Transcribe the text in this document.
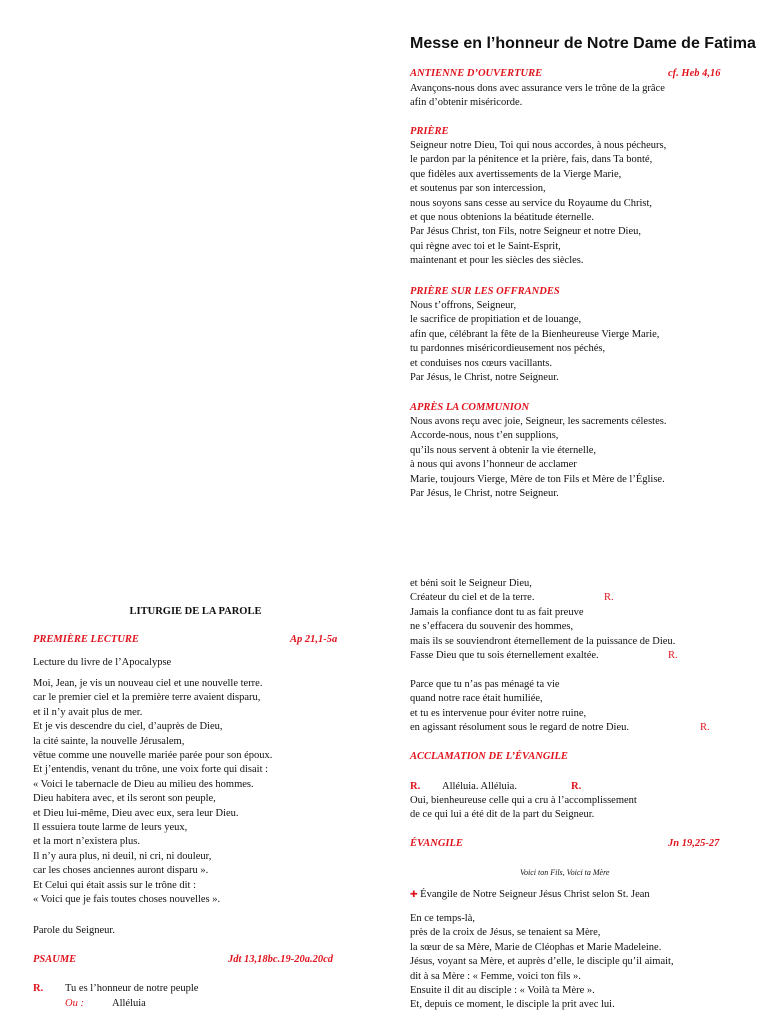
Messe en l’honneur de Notre Dame de Fatima
ANTIENNE D’OUVERTURE	cf. Heb 4,16
Avançons-nous dons avec assurance vers le trône de la grâce
afin d’obtenir miséricorde.
PRIÈRE
Seigneur notre Dieu, Toi qui nous accordes, à nous pécheurs,
le pardon par la pénitence et la prière, fais, dans Ta bonté,
que fidèles aux avertissements de la Vierge Marie,
et soutenus par son intercession,
nous soyons sans cesse au service du Royaume du Christ,
et que nous obtenions la béatitude éternelle.
Par Jésus Christ, ton Fils, notre Seigneur et notre Dieu,
qui règne avec toi et le Saint-Esprit,
maintenant et pour les siècles des siècles.
PRIÈRE SUR LES OFFRANDES
Nous t’offrons, Seigneur,
le sacrifice de propitiation et de louange,
afin que, célébrant la fête de la Bienheureuse Vierge Marie,
tu pardonnes miséricordieusement nos péchés,
et conduises nos cœurs vacillants.
Par Jésus, le Christ, notre Seigneur.
APRÈS LA COMMUNION
Nous avons reçu avec joie, Seigneur, les sacrements célestes.
Accorde-nous, nous t’en supplions,
qu’ils nous servent à obtenir la vie éternelle,
à nous qui avons l’honneur de acclamer
Marie, toujours Vierge, Mère de ton Fils et Mère de l’Église.
Par Jésus, le Christ, notre Seigneur.
LITURGIE DE LA PAROLE
PREMIÈRE LECTURE	Ap 21,1-5a
Lecture du livre de l’Apocalypse
Moi, Jean, je vis un nouveau ciel et une nouvelle terre.
car le premier ciel et la première terre avaient disparu,
et il n’y avait plus de mer.
Et je vis descendre du ciel, d’auprès de Dieu,
la cité sainte, la nouvelle Jérusalem,
vêtue comme une nouvelle mariée parée pour son époux.
Et j’entendis, venant du trône, une voix forte qui disait :
« Voici le tabernacle de Dieu au milieu des hommes.
Dieu habitera avec, et ils seront son peuple,
et Dieu lui-même, Dieu avec eux, sera leur Dieu.
Il essuiera toute larme de leurs yeux,
et la mort n’existera plus.
Il n’y aura plus, ni deuil, ni cri, ni douleur,
car les choses anciennes auront disparu ».
Et Celui qui était assis sur le trône dit :
« Voici que je fais toutes choses nouvelles ».
Parole du Seigneur.
PSAUME	Jdt 13,18bc.19-20a.20cd
R. Tu es l’honneur de notre peuple
Ou :	Alléluia
et béni soit le Seigneur Dieu,
Créateur du ciel et de la terre.	R.
Jamais la confiance dont tu as fait preuve
ne s’effacera du souvenir des hommes,
mais ils se souviendront éternellement de la puissance de Dieu.
Fasse Dieu que tu sois éternellement exaltée.	R.
Parce que tu n’as pas ménagé ta vie
quand notre race était humiliée,
et tu es intervenue pour éviter notre ruine,
en agissant résolument sous le regard de notre Dieu.	R.
ACCLAMATION DE L’ÉVANGILE
R. Alléluia. Alléluia.	R.
Oui, bienheureuse celle qui a cru à l’accomplissement
de ce qui lui a été dit de la part du Seigneur.
ÉVANGILE	Jn 19,25-27
Voici ton Fils, Voici ta Mère
✚ Évangile de Notre Seigneur Jésus Christ selon St. Jean
En ce temps-là,
près de la croix de Jésus, se tenaient sa Mère,
la sœur de sa Mère, Marie de Cléophas et Marie Madeleine.
Jésus, voyant sa Mère, et auprès d’elle, le disciple qu’il aimait,
dit à sa Mère : « Femme, voici ton fils ».
Ensuite il dit au disciple : « Voilà ta Mère ».
Et, depuis ce moment, le disciple la prit avec lui.
